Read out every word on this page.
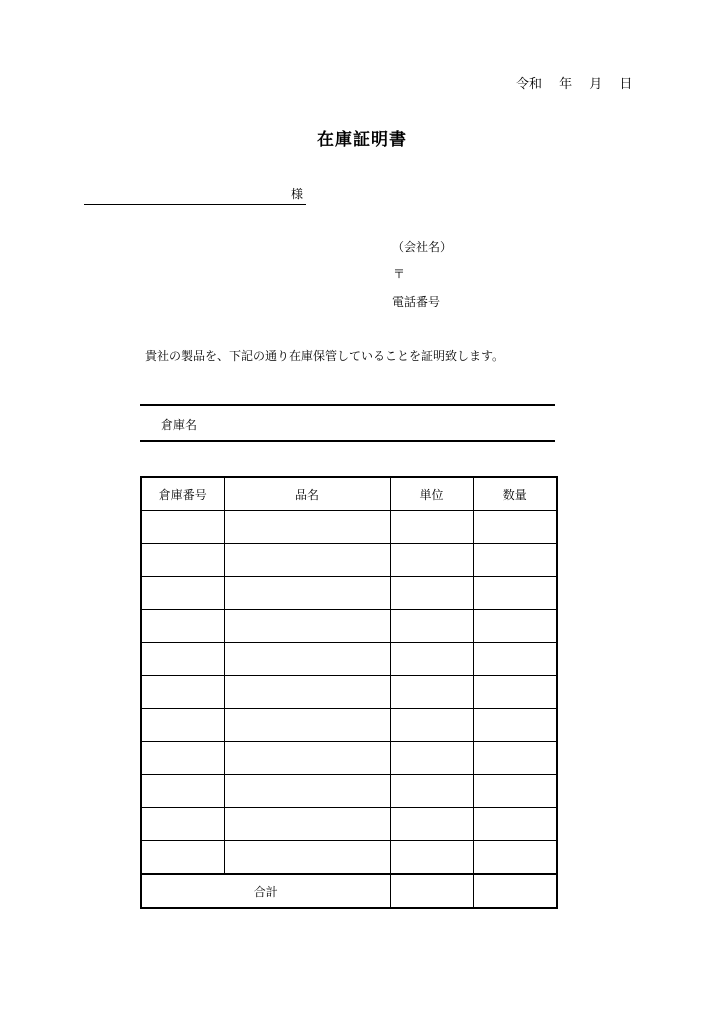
令和　 年　 月　 日
在庫証明書
様
（会社名）
〒
電話番号
貴社の製品を、下記の通り在庫保管していることを証明致します。
倉庫名
倉庫番号	品名	単位	数量

合計			
